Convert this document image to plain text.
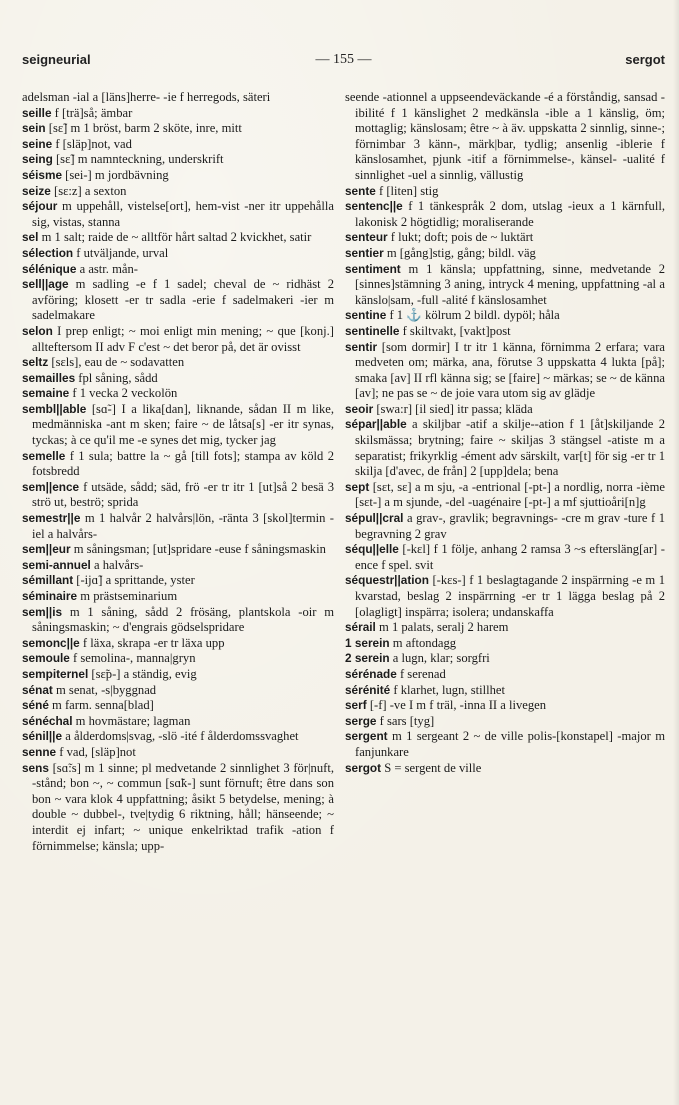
seigneurial	— 155 —	sergot

adelsman -ial a [läns]herre- -ie f herregods, säteri

seille f [trä]så; ämbar

sein [sɛ̃] m 1 bröst, barm 2 sköte, inre, mitt

seine f [släp]not, vad

seing [sɛ̃] m namnteckning, underskrift

séisme [sei-] m jordbävning

seize [sɛ:z] a sexton

séjour m uppehåll, vistelse[ort], hem-vist -ner itr uppehålla sig, vistas, stanna

sel m 1 salt; raide de ~ alltför hårt saltad 2 kvickhet, satir

sélection f utväljande, urval

sélénique a astr. mån-

sell||age m sadling -e f 1 sadel; cheval de ~ ridhäst 2 avföring; klosett -er tr sadla -erie f sadelmakeri -ier m sadelmakare

selon I prep enligt; ~ moi enligt min mening; ~ que [konj.] allteftersom II adv F c'est ~ det beror på, det är ovisst

seltz [sɛls], eau de ~ sodavatten

semailles fpl såning, sådd

semaine f 1 vecka 2 veckolön

sembl||able [sɑ̃-] I a lika[dan], liknande, sådan II m like, medmänniska -ant m sken; faire ~ de låtsa[s] -er itr synas, tyckas; à ce qu'il me -e synes det mig, tycker jag

semelle f 1 sula; battre la ~ gå [till fots]; stampa av köld 2 fotsbredd

sem||ence f utsäde, sådd; säd, frö -er tr itr 1 [ut]så 2 besä 3 strö ut, beströ; sprida

semestr||e m 1 halvår 2 halvårs|lön, -ränta 3 [skol]termin -iel a halvårs-

sem||eur m såningsman; [ut]spridare -euse f såningsmaskin

semi-annuel a halvårs-

sémillant [-ijɑ̃] a sprittande, yster

séminaire m prästseminarium

sem||is m 1 såning, sådd 2 frösäng, plantskola -oir m såningsmaskin; ~ d'engrais gödselspridare

semonc||e f läxa, skrapa -er tr läxa upp

semoule f semolina-, manna|gryn

sempiternel [sɛ̃p-] a ständig, evig

sénat m senat, -s|byggnad

séné m farm. senna[blad]

sénéchal m hovmästare; lagman

sénil||e a ålderdoms|svag, -slö -ité f ålderdomssvaghet

senne f vad, [släp]not

sens [sɑ̃:s] m 1 sinne; pl medvetande 2 sinnlighet 3 för|nuft, -stånd; bon ~, ~ commun [sɑ̃k-] sunt förnuft; être dans son bon ~ vara klok 4 uppfattning; åsikt 5 betydelse, mening; à double ~ dubbel-, tve|tydig 6 riktning, håll; hänseende; ~ interdit ej infart; ~ unique enkelriktad trafik -ation f förnimmelse; känsla; upp-

seende -ationnel a uppseendeväckande -é a förståndig, sansad -ibilité f 1 känslighet 2 medkänsla -ible a 1 känslig, öm; mottaglig; känslosam; être ~ à äv. uppskatta 2 sinnlig, sinne-; förnimbar 3 känn-, märk|bar, tydlig; ansenlig -iblerie f känslosamhet, pjunk -itif a förnimmelse-, känsel- -ualité f sinnlighet -uel a sinnlig, vällustig

sente f [liten] stig

sentenc||e f 1 tänkespråk 2 dom, utslag -ieux a 1 kärnfull, lakonisk 2 högtidlig; moraliserande

senteur f lukt; doft; pois de ~ luktärt

sentier m [gång]stig, gång; bildl. väg

sentiment m 1 känsla; uppfattning, sinne, medvetande 2 [sinnes]stämning 3 aning, intryck 4 mening, uppfattning -al a känslo|sam, -full -alité f känslosamhet

sentine f 1 ⚓ kölrum 2 bildl. dypöl; håla

sentinelle f skiltvakt, [vakt]post

sentir [som dormir] I tr itr 1 känna, förnimma 2 erfara; vara medveten om; märka, ana, förutse 3 uppskatta 4 lukta [på]; smaka [av] II rfl känna sig; se [faire] ~ märkas; se ~ de känna [av]; ne pas se ~ de joie vara utom sig av glädje

seoir [swa:r] [il sied] itr passa; kläda

sépar||able a skiljbar -atif a skilje--ation f 1 [åt]skiljande 2 skilsmässa; brytning; faire ~ skiljas 3 stängsel -atiste m a separatist; frikyrklig -ément adv särskilt, var[t] för sig -er tr 1 skilja [d'avec, de från] 2 [upp]dela; bena

sept [sɛt, sɛ] a m sju, -a -entrional [-pt-] a nordlig, norra -ième [sɛt-] a m sjunde, -del -uagénaire [-pt-] a mf sjuttioåri[n]g

sépul||cral a grav-, gravlik; begravnings- -cre m grav -ture f 1 begravning 2 grav

séqu||elle [-kɛl] f 1 följe, anhang 2 ramsa 3 ~s eftersläng[ar] -ence f spel. svit

séquestr||ation [-kɛs-] f 1 beslagtagande 2 inspärrning -e m 1 kvarstad, beslag 2 inspärrning -er tr 1 lägga beslag på 2 [olagligt] inspärra; isolera; undanskaffa

sérail m 1 palats, seralj 2 harem

1 serein m aftondagg

2 serein a lugn, klar; sorgfri

sérénade f serenad

sérénité f klarhet, lugn, stillhet

serf [-f] -ve I m f träl, -inna II a livegen

serge f sars [tyg]

sergent m 1 sergeant 2 ~ de ville polis-[konstapel] -major m fanjunkare

sergot S = sergent de ville
